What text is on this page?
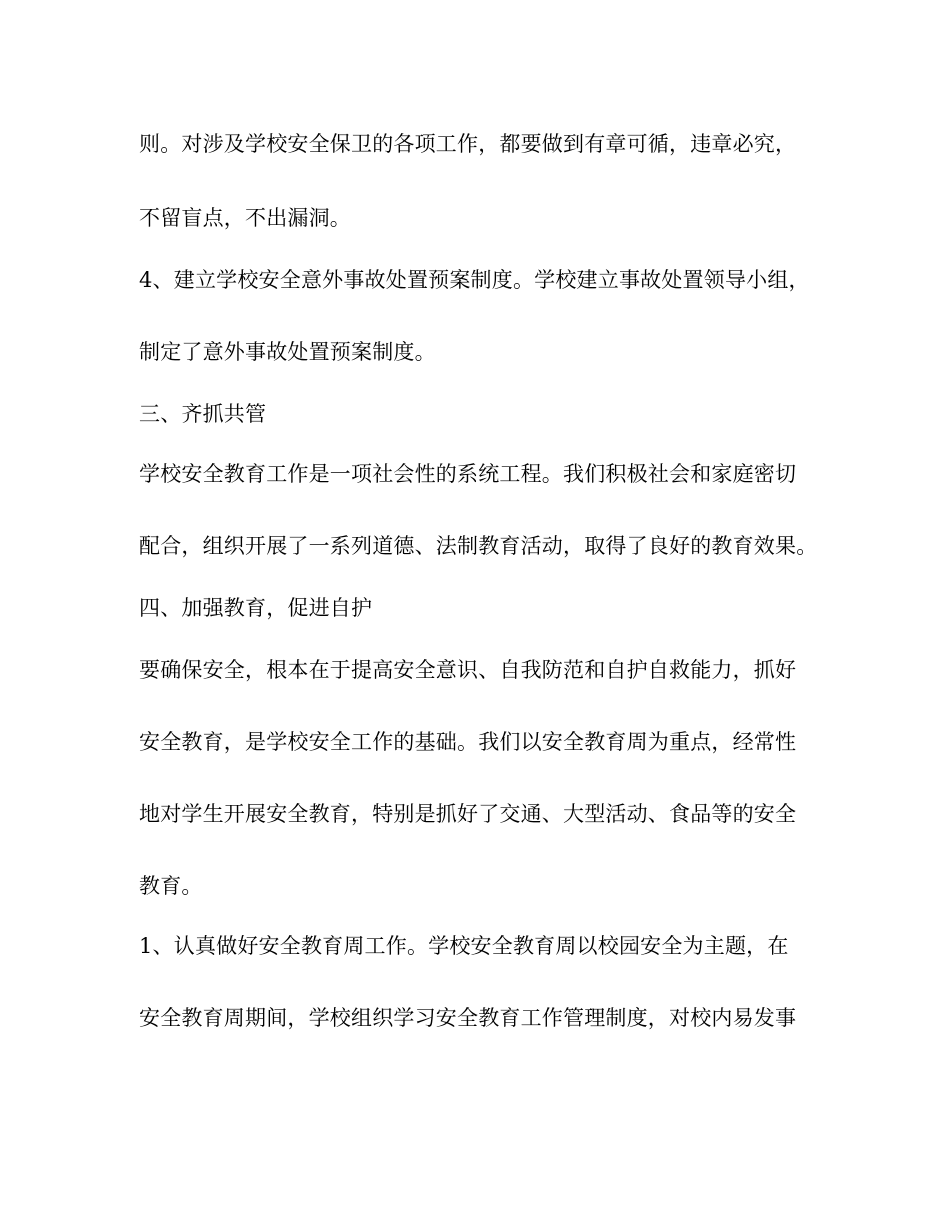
则。对涉及学校安全保卫的各项工作，都要做到有章可循，违章必究，
不留盲点，不出漏洞。
4、建立学校安全意外事故处置预案制度。学校建立事故处置领导小组，
制定了意外事故处置预案制度。
三、齐抓共管
学校安全教育工作是一项社会性的系统工程。我们积极社会和家庭密切
配合，组织开展了一系列道德、法制教育活动，取得了良好的教育效果。
四、加强教育，促进自护
要确保安全，根本在于提高安全意识、自我防范和自护自救能力，抓好
安全教育，是学校安全工作的基础。我们以安全教育周为重点，经常性
地对学生开展安全教育，特别是抓好了交通、大型活动、食品等的安全
教育。
1、认真做好安全教育周工作。学校安全教育周以校园安全为主题，在
安全教育周期间，学校组织学习安全教育工作管理制度，对校内易发事
